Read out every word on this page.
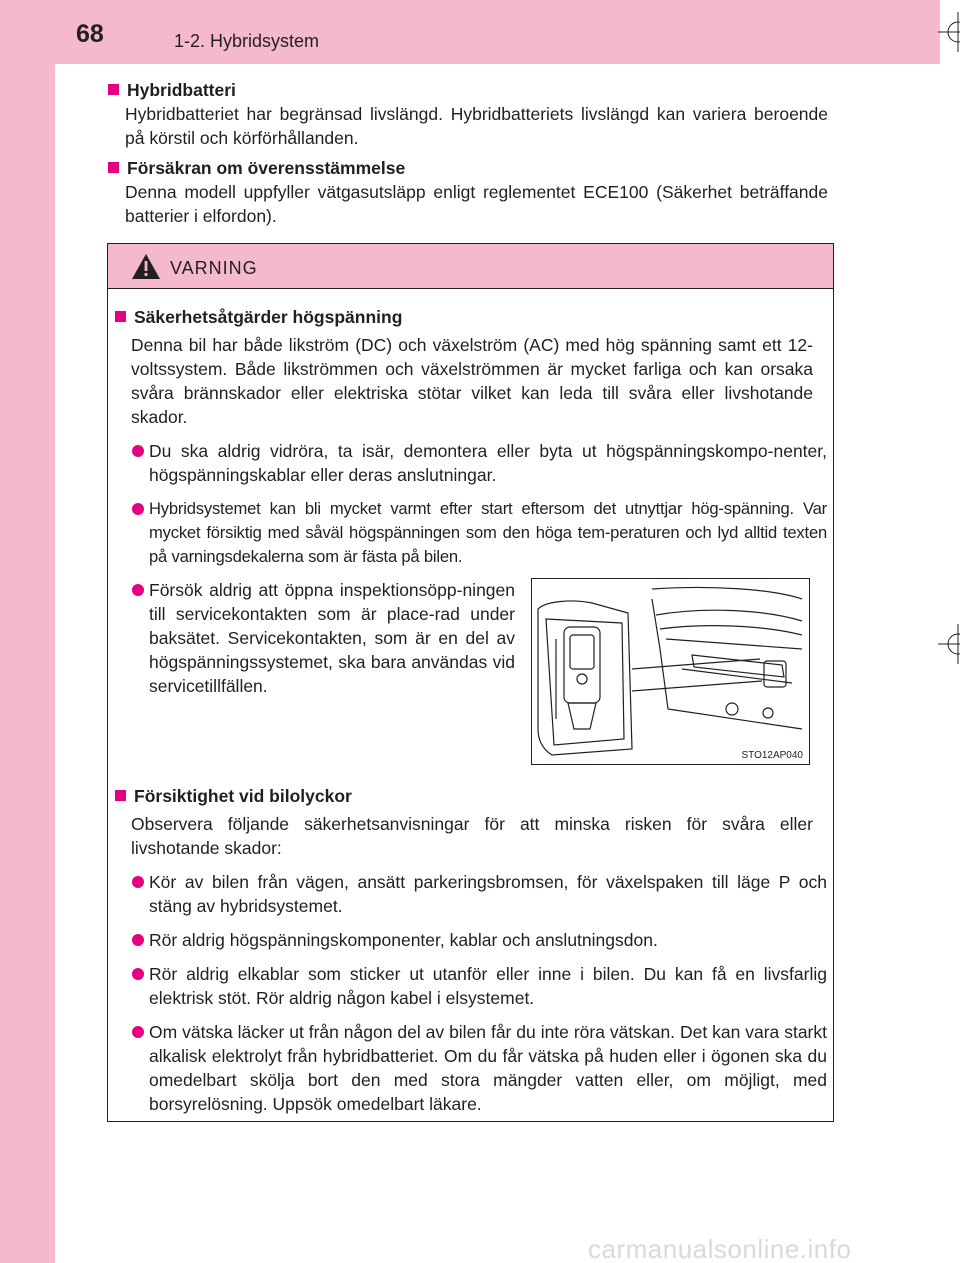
68	1-2. Hybridsystem
Hybridbatteri
Hybridbatteriet har begränsad livslängd. Hybridbatteriets livslängd kan variera beroende på körstil och körförhållanden.
Försäkran om överensstämmelse
Denna modell uppfyller vätgasutsläpp enligt reglementet ECE100 (Säkerhet beträffande batterier i elfordon).
VARNING
Säkerhetsåtgärder högspänning
Denna bil har både likström (DC) och växelström (AC) med hög spänning samt ett 12-voltssystem. Både likströmmen och växelströmmen är mycket farliga och kan orsaka svåra brännskador eller elektriska stötar vilket kan leda till svåra eller livshotande skador.
Du ska aldrig vidröra, ta isär, demontera eller byta ut högspänningskompo-nenter, högspänningskablar eller deras anslutningar.
Hybridsystemet kan bli mycket varmt efter start eftersom det utnyttjar hög-spänning. Var mycket försiktig med såväl högspänningen som den höga tem-peraturen och lyd alltid texten på varningsdekalerna som är fästa på bilen.
Försök aldrig att öppna inspektionsöpp-ningen till servicekontakten som är place-rad under baksätet. Servicekontakten, som är en del av högspänningssystemet, ska bara användas vid servicetillfällen.
STO12AP040
Försiktighet vid bilolyckor
Observera följande säkerhetsanvisningar för att minska risken för svåra eller livshotande skador:
Kör av bilen från vägen, ansätt parkeringsbromsen, för växelspaken till läge P och stäng av hybridsystemet.
Rör aldrig högspänningskomponenter, kablar och anslutningsdon.
Rör aldrig elkablar som sticker ut utanför eller inne i bilen. Du kan få en livsfarlig elektrisk stöt. Rör aldrig någon kabel i elsystemet.
Om vätska läcker ut från någon del av bilen får du inte röra vätskan. Det kan vara starkt alkalisk elektrolyt från hybridbatteriet. Om du får vätska på huden eller i ögonen ska du omedelbart skölja bort den med stora mängder vatten eller, om möjligt, med borsyrelösning. Uppsök omedelbart läkare.
carmanualsonline.info
